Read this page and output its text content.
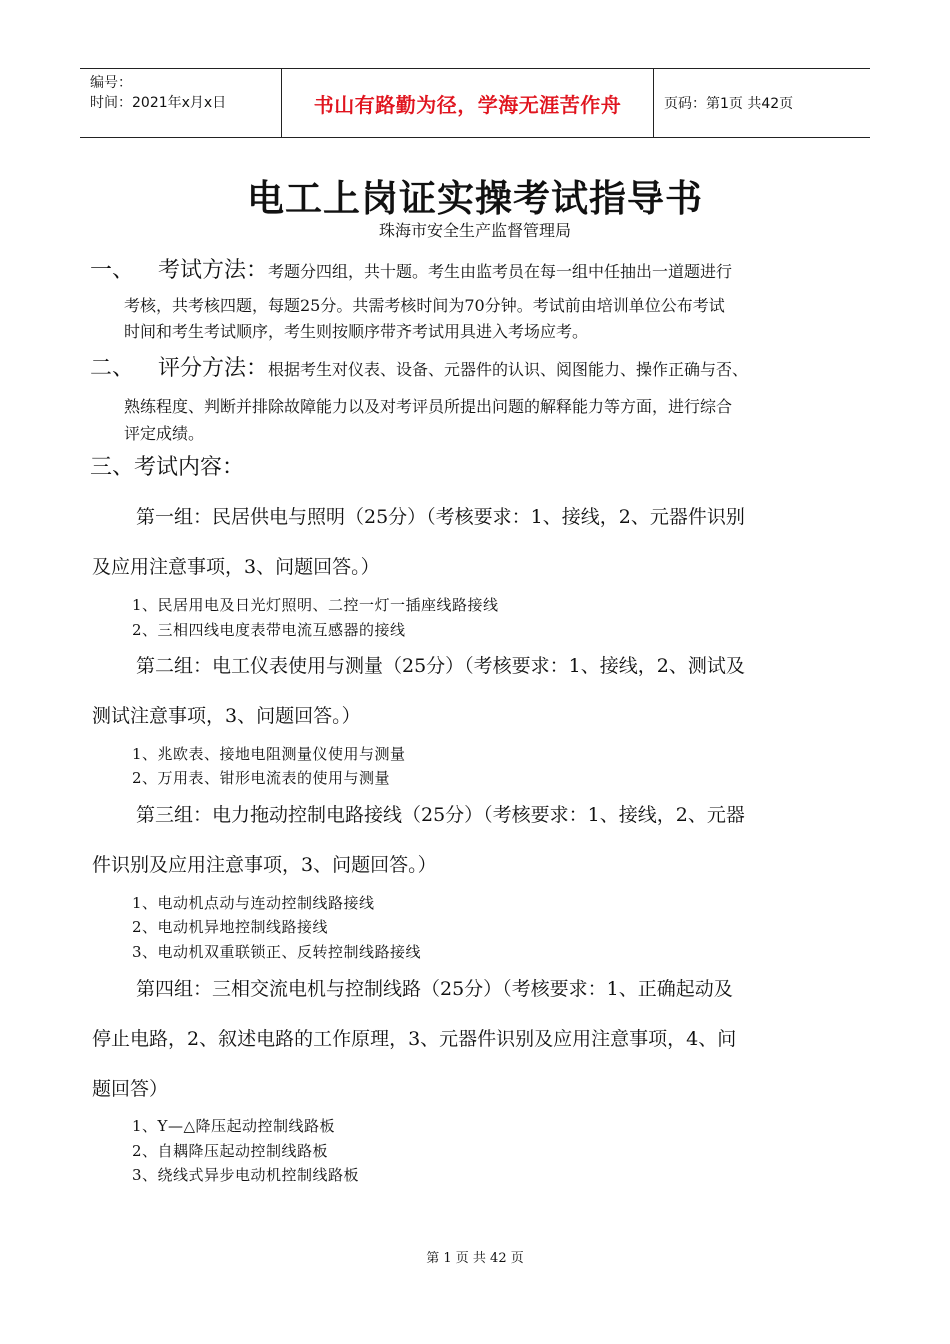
编号：
时间：2021年x月x日	书山有路勤为径，学海无涯苦作舟	页码：第1页 共42页
电工上岗证实操考试指导书
珠海市安全生产监督管理局
一、 考试方法：考题分四组，共十题。考生由监考员在每一组中任抽出一道题进行
考核，共考核四题，每题25分。共需考核时间为70分钟。考试前由培训单位公布考试
时间和考生考试顺序，考生则按顺序带齐考试用具进入考场应考。
二、 评分方法：根据考生对仪表、设备、元器件的认识、阅图能力、操作正确与否、
熟练程度、判断并排除故障能力以及对考评员所提出问题的解释能力等方面，进行综合
评定成绩。
三、考试内容：
第一组：民居供电与照明（25分）（考核要求：1、接线，2、元器件识别
及应用注意事项，3、问题回答。）
1、民居用电及日光灯照明、二控一灯一插座线路接线
2、三相四线电度表带电流互感器的接线
第二组：电工仪表使用与测量（25分）（考核要求：1、接线，2、测试及
测试注意事项，3、问题回答。）
1、兆欧表、接地电阻测量仪使用与测量
2、万用表、钳形电流表的使用与测量
第三组：电力拖动控制电路接线（25分）（考核要求：1、接线，2、元器
件识别及应用注意事项，3、问题回答。）
1、电动机点动与连动控制线路接线
2、电动机异地控制线路接线
3、电动机双重联锁正、反转控制线路接线
第四组：三相交流电机与控制线路（25分）（考核要求：1、正确起动及
停止电路，2、叙述电路的工作原理，3、元器件识别及应用注意事项，4、问
题回答）
1、Y—△降压起动控制线路板
2、自耦降压起动控制线路板
3、绕线式异步电动机控制线路板
第 1 页 共 42 页
